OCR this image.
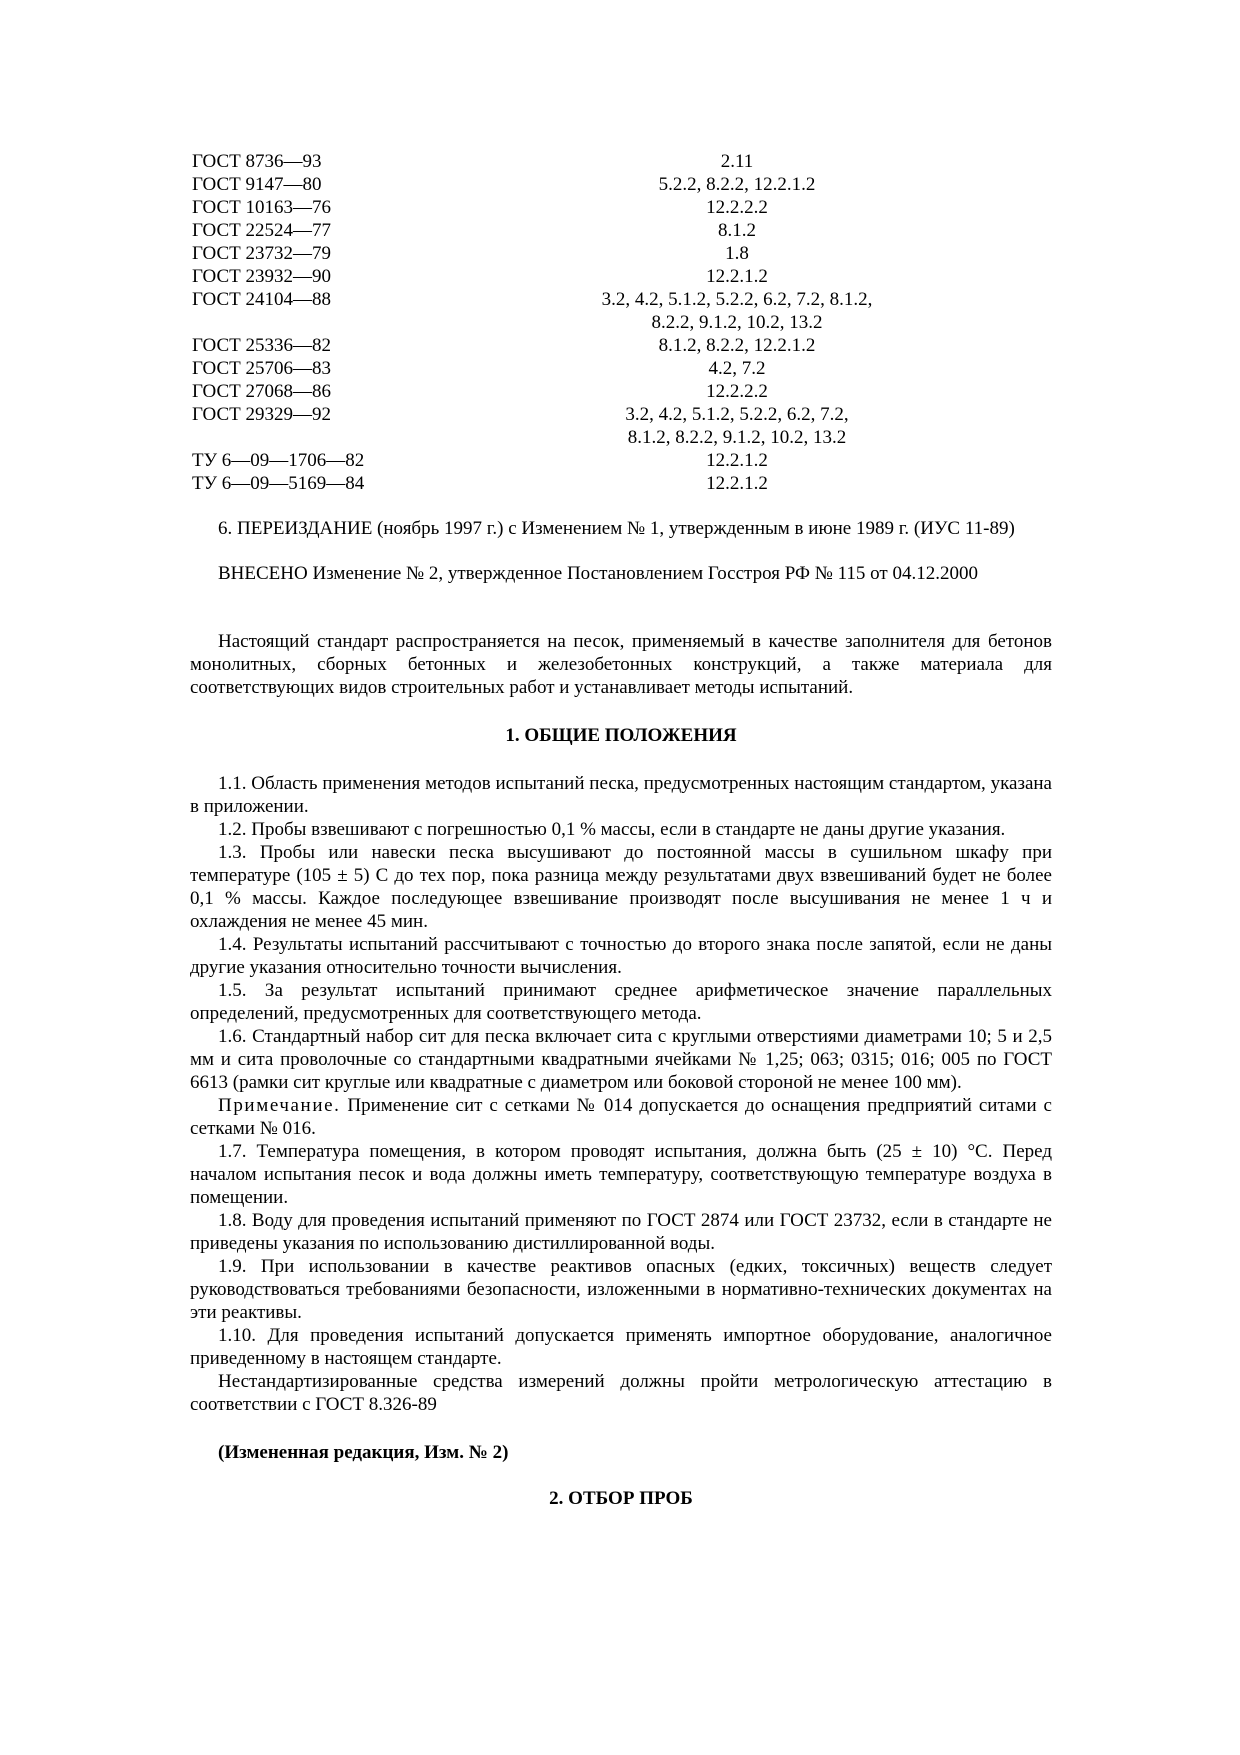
ГОСТ 8736—93	2.11
ГОСТ 9147—80	5.2.2, 8.2.2, 12.2.1.2
ГОСТ 10163—76	12.2.2.2
ГОСТ 22524—77	8.1.2
ГОСТ 23732—79	1.8
ГОСТ 23932—90	12.2.1.2
ГОСТ 24104—88	3.2, 4.2, 5.1.2, 5.2.2, 6.2, 7.2, 8.1.2,
	8.2.2, 9.1.2, 10.2, 13.2
ГОСТ 25336—82	8.1.2, 8.2.2, 12.2.1.2
ГОСТ 25706—83	4.2, 7.2
ГОСТ 27068—86	12.2.2.2
ГОСТ 29329—92	3.2, 4.2, 5.1.2, 5.2.2, 6.2, 7.2,
	8.1.2, 8.2.2, 9.1.2, 10.2, 13.2
ТУ 6—09—1706—82	12.2.1.2
ТУ 6—09—5169—84	12.2.1.2

6. ПЕРЕИЗДАНИЕ (ноябрь 1997 г.) с Изменением № 1, утвержденным в июне 1989 г. (ИУС 11-89)

ВНЕСЕНО Изменение № 2, утвержденное Постановлением Госстроя РФ № 115 от 04.12.2000

Настоящий стандарт распространяется на песок, применяемый в качестве заполнителя для бетонов монолитных, сборных бетонных и железобетонных конструкций, а также материала для соответствующих видов строительных работ и устанавливает методы испытаний.

1. ОБЩИЕ ПОЛОЖЕНИЯ

1.1. Область применения методов испытаний песка, предусмотренных настоящим стандартом, указана в приложении.

1.2. Пробы взвешивают с погрешностью 0,1 % массы, если в стандарте не даны другие указания.

1.3. Пробы или навески песка высушивают до постоянной массы в сушильном шкафу при температуре (105 ± 5) С до тех пор, пока разница между результатами двух взвешиваний будет не более 0,1 % массы. Каждое последующее взвешивание производят после высушивания не менее 1 ч и охлаждения не менее 45 мин.

1.4. Результаты испытаний рассчитывают с точностью до второго знака после запятой, если не даны другие указания относительно точности вычисления.

1.5. За результат испытаний принимают среднее арифметическое значение параллельных определений, предусмотренных для соответствующего метода.

1.6. Стандартный набор сит для песка включает сита с круглыми отверстиями диаметрами 10; 5 и 2,5 мм и сита проволочные со стандартными квадратными ячейками № 1,25; 063; 0315; 016; 005 по ГОСТ 6613 (рамки сит круглые или квадратные с диаметром или боковой стороной не менее 100 мм).

Примечание. Применение сит с сетками № 014 допускается до оснащения предприятий ситами с сетками № 016.

1.7. Температура помещения, в котором проводят испытания, должна быть (25 ± 10) °С. Перед началом испытания песок и вода должны иметь температуру, соответствующую температуре воздуха в помещении.

1.8. Воду для проведения испытаний применяют по ГОСТ 2874 или ГОСТ 23732, если в стандарте не приведены указания по использованию дистиллированной воды.

1.9. При использовании в качестве реактивов опасных (едких, токсичных) веществ следует руководствоваться требованиями безопасности, изложенными в нормативно-технических документах на эти реактивы.

1.10. Для проведения испытаний допускается применять импортное оборудование, аналогичное приведенному в настоящем стандарте.

Нестандартизированные средства измерений должны пройти метрологическую аттестацию в соответствии с ГОСТ 8.326-89

(Измененная редакция, Изм. № 2)

2. ОТБОР ПРОБ
